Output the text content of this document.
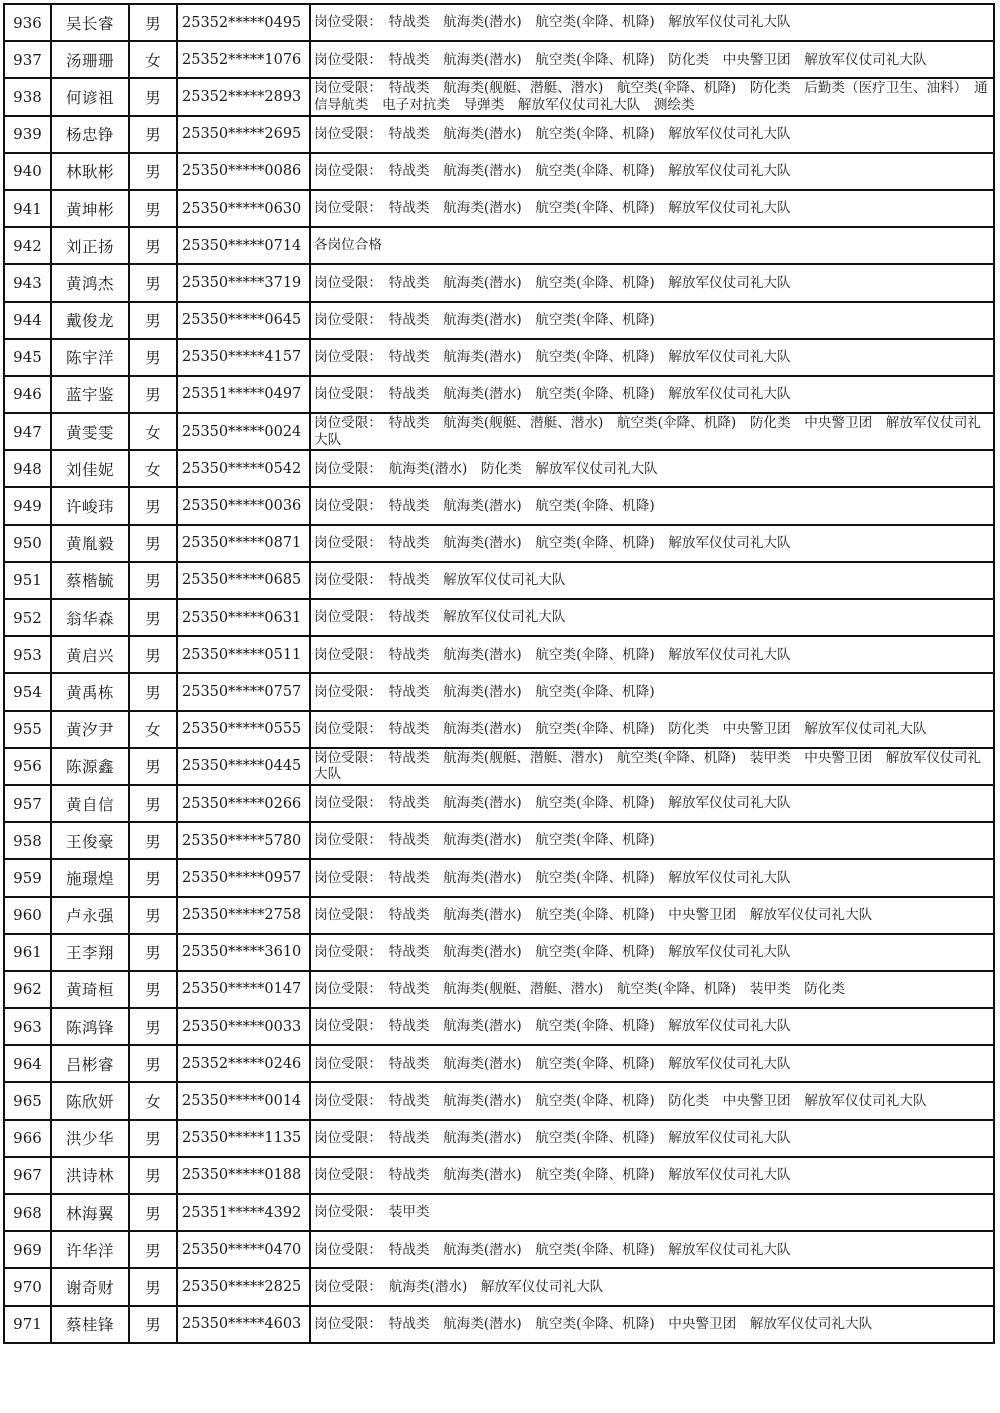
936	吴长睿	男	25352*****0495	岗位受限：　特战类　航海类(潜水)　航空类(伞降、机降)　解放军仪仗司礼大队
937	汤珊珊	女	25352*****1076	岗位受限：　特战类　航海类(潜水)　航空类(伞降、机降)　防化类　中央警卫团　解放军仪仗司礼大队
938	何谚祖	男	25352*****2893	岗位受限：　特战类　航海类(舰艇、潜艇、潜水)　航空类(伞降、机降)　防化类　后勤类（医疗卫生、油料）　通信导航类　电子对抗类　导弹类　解放军仪仗司礼大队　测绘类
939	杨忠铮	男	25350*****2695	岗位受限：　特战类　航海类(潜水)　航空类(伞降、机降)　解放军仪仗司礼大队
940	林耿彬	男	25350*****0086	岗位受限：　特战类　航海类(潜水)　航空类(伞降、机降)　解放军仪仗司礼大队
941	黄坤彬	男	25350*****0630	岗位受限：　特战类　航海类(潜水)　航空类(伞降、机降)　解放军仪仗司礼大队
942	刘正扬	男	25350*****0714	各岗位合格
943	黄鸿杰	男	25350*****3719	岗位受限：　特战类　航海类(潜水)　航空类(伞降、机降)　解放军仪仗司礼大队
944	戴俊龙	男	25350*****0645	岗位受限：　特战类　航海类(潜水)　航空类(伞降、机降)
945	陈宇洋	男	25350*****4157	岗位受限：　特战类　航海类(潜水)　航空类(伞降、机降)　解放军仪仗司礼大队
946	蓝宇鉴	男	25351*****0497	岗位受限：　特战类　航海类(潜水)　航空类(伞降、机降)　解放军仪仗司礼大队
947	黄雯雯	女	25350*****0024	岗位受限：　特战类　航海类(舰艇、潜艇、潜水)　航空类(伞降、机降)　防化类　中央警卫团　解放军仪仗司礼大队
948	刘佳妮	女	25350*****0542	岗位受限：　航海类(潜水)　防化类　解放军仪仗司礼大队
949	许峻玮	男	25350*****0036	岗位受限：　特战类　航海类(潜水)　航空类(伞降、机降)
950	黄胤毅	男	25350*****0871	岗位受限：　特战类　航海类(潜水)　航空类(伞降、机降)　解放军仪仗司礼大队
951	蔡楷毓	男	25350*****0685	岗位受限：　特战类　解放军仪仗司礼大队
952	翁华森	男	25350*****0631	岗位受限：　特战类　解放军仪仗司礼大队
953	黄启兴	男	25350*****0511	岗位受限：　特战类　航海类(潜水)　航空类(伞降、机降)　解放军仪仗司礼大队
954	黄禹栋	男	25350*****0757	岗位受限：　特战类　航海类(潜水)　航空类(伞降、机降)
955	黄汐尹	女	25350*****0555	岗位受限：　特战类　航海类(潜水)　航空类(伞降、机降)　防化类　中央警卫团　解放军仪仗司礼大队
956	陈源鑫	男	25350*****0445	岗位受限：　特战类　航海类(舰艇、潜艇、潜水)　航空类(伞降、机降)　装甲类　中央警卫团　解放军仪仗司礼大队
957	黄自信	男	25350*****0266	岗位受限：　特战类　航海类(潜水)　航空类(伞降、机降)　解放军仪仗司礼大队
958	王俊豪	男	25350*****5780	岗位受限：　特战类　航海类(潜水)　航空类(伞降、机降)
959	施璟煌	男	25350*****0957	岗位受限：　特战类　航海类(潜水)　航空类(伞降、机降)　解放军仪仗司礼大队
960	卢永强	男	25350*****2758	岗位受限：　特战类　航海类(潜水)　航空类(伞降、机降)　中央警卫团　解放军仪仗司礼大队
961	王李翔	男	25350*****3610	岗位受限：　特战类　航海类(潜水)　航空类(伞降、机降)　解放军仪仗司礼大队
962	黄琦桓	男	25350*****0147	岗位受限：　特战类　航海类(舰艇、潜艇、潜水)　航空类(伞降、机降)　装甲类　防化类
963	陈鸿锋	男	25350*****0033	岗位受限：　特战类　航海类(潜水)　航空类(伞降、机降)　解放军仪仗司礼大队
964	吕彬睿	男	25352*****0246	岗位受限：　特战类　航海类(潜水)　航空类(伞降、机降)　解放军仪仗司礼大队
965	陈欣妍	女	25350*****0014	岗位受限：　特战类　航海类(潜水)　航空类(伞降、机降)　防化类　中央警卫团　解放军仪仗司礼大队
966	洪少华	男	25350*****1135	岗位受限：　特战类　航海类(潜水)　航空类(伞降、机降)　解放军仪仗司礼大队
967	洪诗林	男	25350*****0188	岗位受限：　特战类　航海类(潜水)　航空类(伞降、机降)　解放军仪仗司礼大队
968	林海翼	男	25351*****4392	岗位受限：　装甲类
969	许华洋	男	25350*****0470	岗位受限：　特战类　航海类(潜水)　航空类(伞降、机降)　解放军仪仗司礼大队
970	谢奇财	男	25350*****2825	岗位受限：　航海类(潜水)　解放军仪仗司礼大队
971	蔡桂锋	男	25350*****4603	岗位受限：　特战类　航海类(潜水)　航空类(伞降、机降)　中央警卫团　解放军仪仗司礼大队
